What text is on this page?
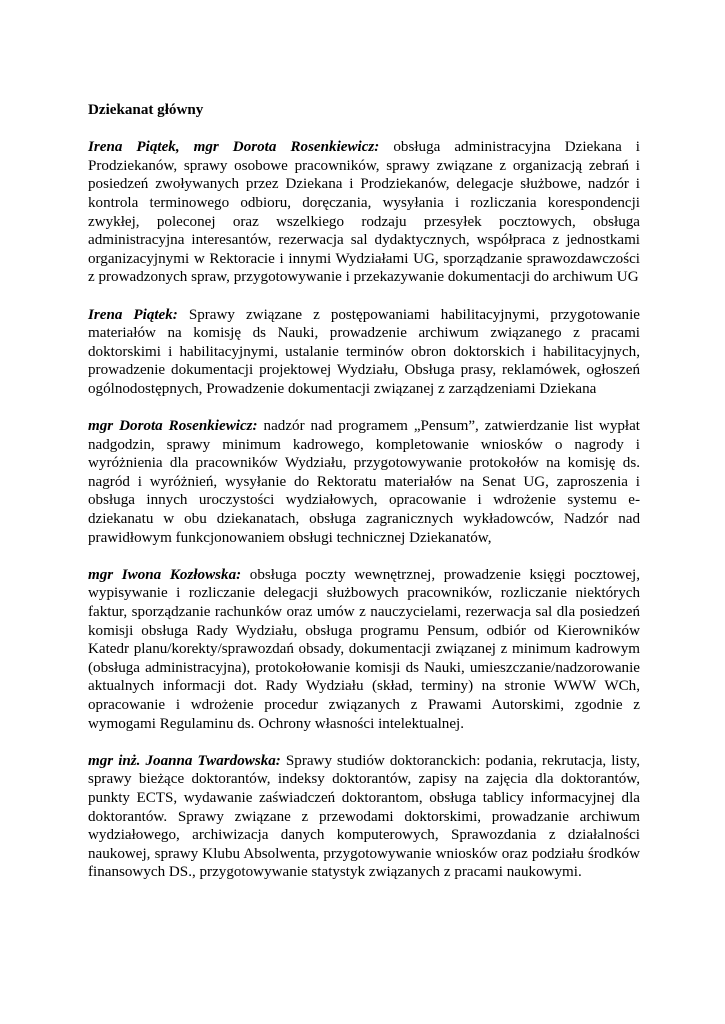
Dziekanat główny

Irena Piątek, mgr Dorota Rosenkiewicz: obsługa administracyjna Dziekana i Prodziekanów, sprawy osobowe pracowników, sprawy związane z organizacją zebrań i posiedzeń zwoływanych przez Dziekana i Prodziekanów, delegacje służbowe, nadzór i kontrola terminowego odbioru, doręczania, wysyłania i rozliczania korespondencji zwykłej, poleconej oraz wszelkiego rodzaju przesyłek pocztowych, obsługa administracyjna interesantów, rezerwacja sal dydaktycznych, współpraca z jednostkami organizacyjnymi w Rektoracie i innymi Wydziałami UG, sporządzanie sprawozdawczości z prowadzonych spraw, przygotowywanie i przekazywanie dokumentacji do archiwum UG

Irena Piątek: Sprawy związane z postępowaniami habilitacyjnymi, przygotowanie materiałów na komisję ds Nauki, prowadzenie archiwum związanego z pracami doktorskimi i habilitacyjnymi, ustalanie terminów obron doktorskich i habilitacyjnych, prowadzenie dokumentacji projektowej Wydziału, Obsługa prasy, reklamówek, ogłoszeń ogólnodostępnych, Prowadzenie dokumentacji związanej z zarządzeniami Dziekana

mgr Dorota Rosenkiewicz: nadzór nad programem „Pensum”, zatwierdzanie list wypłat nadgodzin, sprawy minimum kadrowego, kompletowanie wniosków o nagrody i wyróżnienia dla pracowników Wydziału, przygotowywanie protokołów na komisję ds. nagród i wyróżnień, wysyłanie do Rektoratu materiałów na Senat UG, zaproszenia i obsługa innych uroczystości wydziałowych, opracowanie i wdrożenie systemu e-dziekanatu w obu dziekanatach, obsługa zagranicznych wykładowców, Nadzór nad prawidłowym funkcjonowaniem obsługi technicznej Dziekanatów,

mgr Iwona Kozłowska: obsługa poczty wewnętrznej, prowadzenie księgi pocztowej, wypisywanie i rozliczanie delegacji służbowych pracowników, rozliczanie niektórych faktur, sporządzanie rachunków oraz umów z nauczycielami, rezerwacja sal dla posiedzeń komisji obsługa Rady Wydziału, obsługa programu Pensum, odbiór od Kierowników Katedr planu/korekty/sprawozdań obsady, dokumentacji związanej z minimum kadrowym (obsługa administracyjna), protokołowanie komisji ds Nauki, umieszczanie/nadzorowanie aktualnych informacji dot. Rady Wydziału (skład, terminy) na stronie WWW WCh, opracowanie i wdrożenie procedur związanych z Prawami Autorskimi, zgodnie z wymogami Regulaminu ds. Ochrony własności intelektualnej.

mgr inż. Joanna Twardowska: Sprawy studiów doktoranckich: podania, rekrutacja, listy, sprawy bieżące doktorantów, indeksy doktorantów, zapisy na zajęcia dla doktorantów, punkty ECTS, wydawanie zaświadczeń doktorantom, obsługa tablicy informacyjnej dla doktorantów. Sprawy związane z przewodami doktorskimi, prowadzanie archiwum wydziałowego, archiwizacja danych komputerowych, Sprawozdania z działalności naukowej, sprawy Klubu Absolwenta, przygotowywanie wniosków oraz podziału środków finansowych DS., przygotowywanie statystyk związanych z pracami naukowymi.
